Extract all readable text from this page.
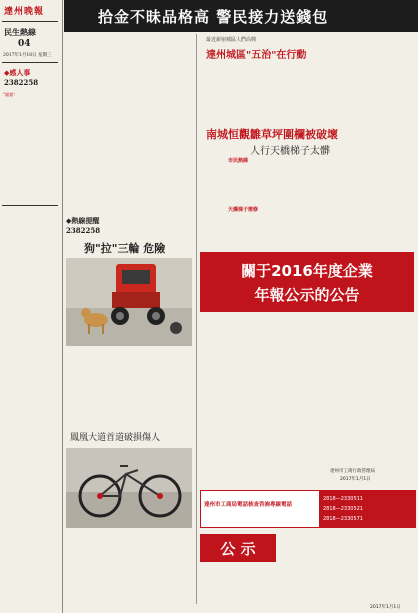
達州晚報
民生熱線
04
2017年1月18日 星期三
◆感人事
2382258
"謝謝！
拾金不昧品格高 警民接力送錢包
最近新宿城區人們高興
達州城區"五治"在行動
南城恒觀雛草坪圍欄被破壞
人行天橋梯子太髒
市民熱線
天橋梯子需修
◆熱線提醒
2382258
狗"拉"三輪 危險
鳳凰大道首道破損傷人
關于2016年度企業
年報公示的公告
達州市工商行政管理局
2017年1月1日
達州市工商局電話核查咨詢專線電話
2818—2330511
2818—2330521
2818—2330571
公 示
2017年1月1日
